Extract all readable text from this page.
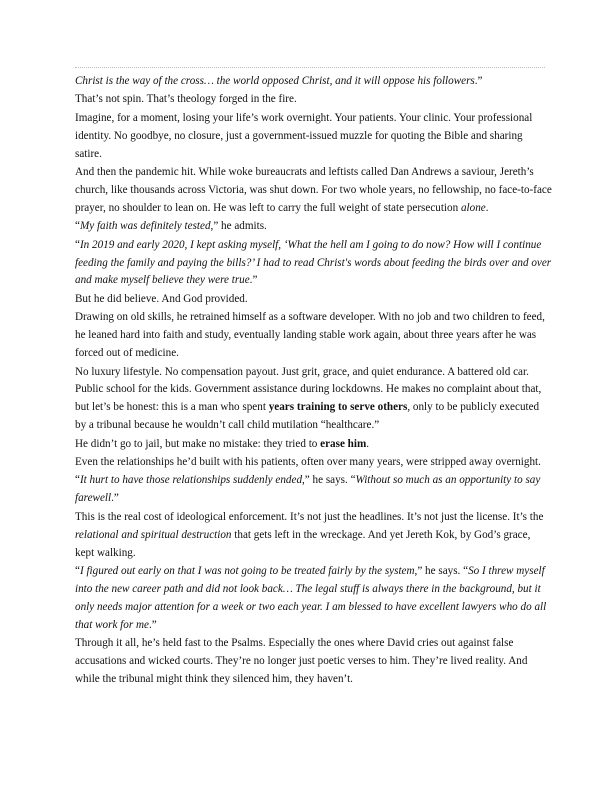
Christ is the way of the cross… the world opposed Christ, and it will oppose his followers.”

That’s not spin. That’s theology forged in the fire.

Imagine, for a moment, losing your life’s work overnight. Your patients. Your clinic. Your professional identity. No goodbye, no closure, just a government-issued muzzle for quoting the Bible and sharing satire.

And then the pandemic hit. While woke bureaucrats and leftists called Dan Andrews a saviour, Jereth’s church, like thousands across Victoria, was shut down. For two whole years, no fellowship, no face-to-face prayer, no shoulder to lean on. He was left to carry the full weight of state persecution alone.

“My faith was definitely tested,” he admits.

“In 2019 and early 2020, I kept asking myself, ‘What the hell am I going to do now? How will I continue feeding the family and paying the bills?’ I had to read Christ's words about feeding the birds over and over and make myself believe they were true.”

But he did believe. And God provided.

Drawing on old skills, he retrained himself as a software developer. With no job and two children to feed, he leaned hard into faith and study, eventually landing stable work again, about three years after he was forced out of medicine.

No luxury lifestyle. No compensation payout. Just grit, grace, and quiet endurance. A battered old car. Public school for the kids. Government assistance during lockdowns. He makes no complaint about that, but let’s be honest: this is a man who spent years training to serve others, only to be publicly executed by a tribunal because he wouldn’t call child mutilation “healthcare.”

He didn’t go to jail, but make no mistake: they tried to erase him.

Even the relationships he’d built with his patients, often over many years, were stripped away overnight.

“It hurt to have those relationships suddenly ended,” he says. “Without so much as an opportunity to say farewell.”

This is the real cost of ideological enforcement. It’s not just the headlines. It’s not just the license. It’s the relational and spiritual destruction that gets left in the wreckage. And yet Jereth Kok, by God’s grace, kept walking.

“I figured out early on that I was not going to be treated fairly by the system,” he says. “So I threw myself into the new career path and did not look back… The legal stuff is always there in the background, but it only needs major attention for a week or two each year. I am blessed to have excellent lawyers who do all that work for me.”

Through it all, he’s held fast to the Psalms. Especially the ones where David cries out against false accusations and wicked courts. They’re no longer just poetic verses to him. They’re lived reality. And while the tribunal might think they silenced him, they haven’t.
